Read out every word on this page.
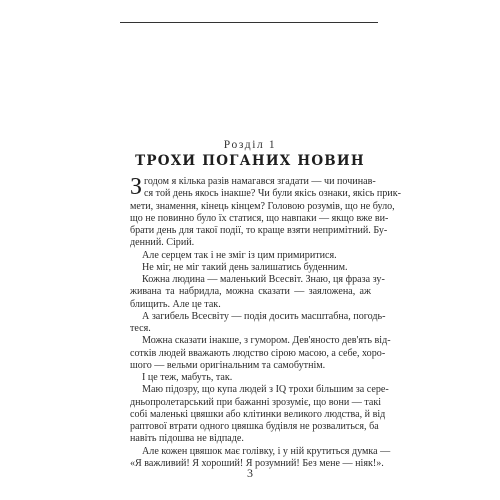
Розділ 1
ТРОХИ ПОГАНИХ НОВИН
З годом я кілька разів намагався згадати — чи починав-
ся той день якось інакше? Чи були якісь ознаки, якісь прик-
мети, знамення, кінець кінцем? Головою розумів, що не було,
що не повинно було їх статися, що навпаки — якщо вже ви-
брати день для такої події, то краще взяти непримітний. Бу-
денний. Сірий.
Але серцем так і не зміг із цим примиритися.
Не міг, не міг такий день залишатись буденним.
Кожна людина — маленький Всесвіт. Знаю, ця фраза зу-
живана та набридла, можна сказати — заяложена, аж
блищить. Але це так.
А загибель Всесвіту — подія досить масштабна, погодь-
теся.
Можна сказати інакше, з гумором. Дев'яносто дев'ять від-
сотків людей вважають людство сірою масою, а себе, хоро-
шого — вельми оригінальним та самобутнім.
І це теж, мабуть, так.
Маю підозру, що купа людей з IQ трохи більшим за сере-
дньопролетарський при бажанні зрозуміє, що вони — такі
собі маленькі цвяшки або клітинки великого людства, й від
раптової втрати одного цвяшка будівля не розвалиться, ба
навіть підошва не відпаде.
Але кожен цвяшок має голівку, і у ній крутиться думка —
«Я важливий! Я хороший! Я розумний! Без мене — ніяк!».
3
